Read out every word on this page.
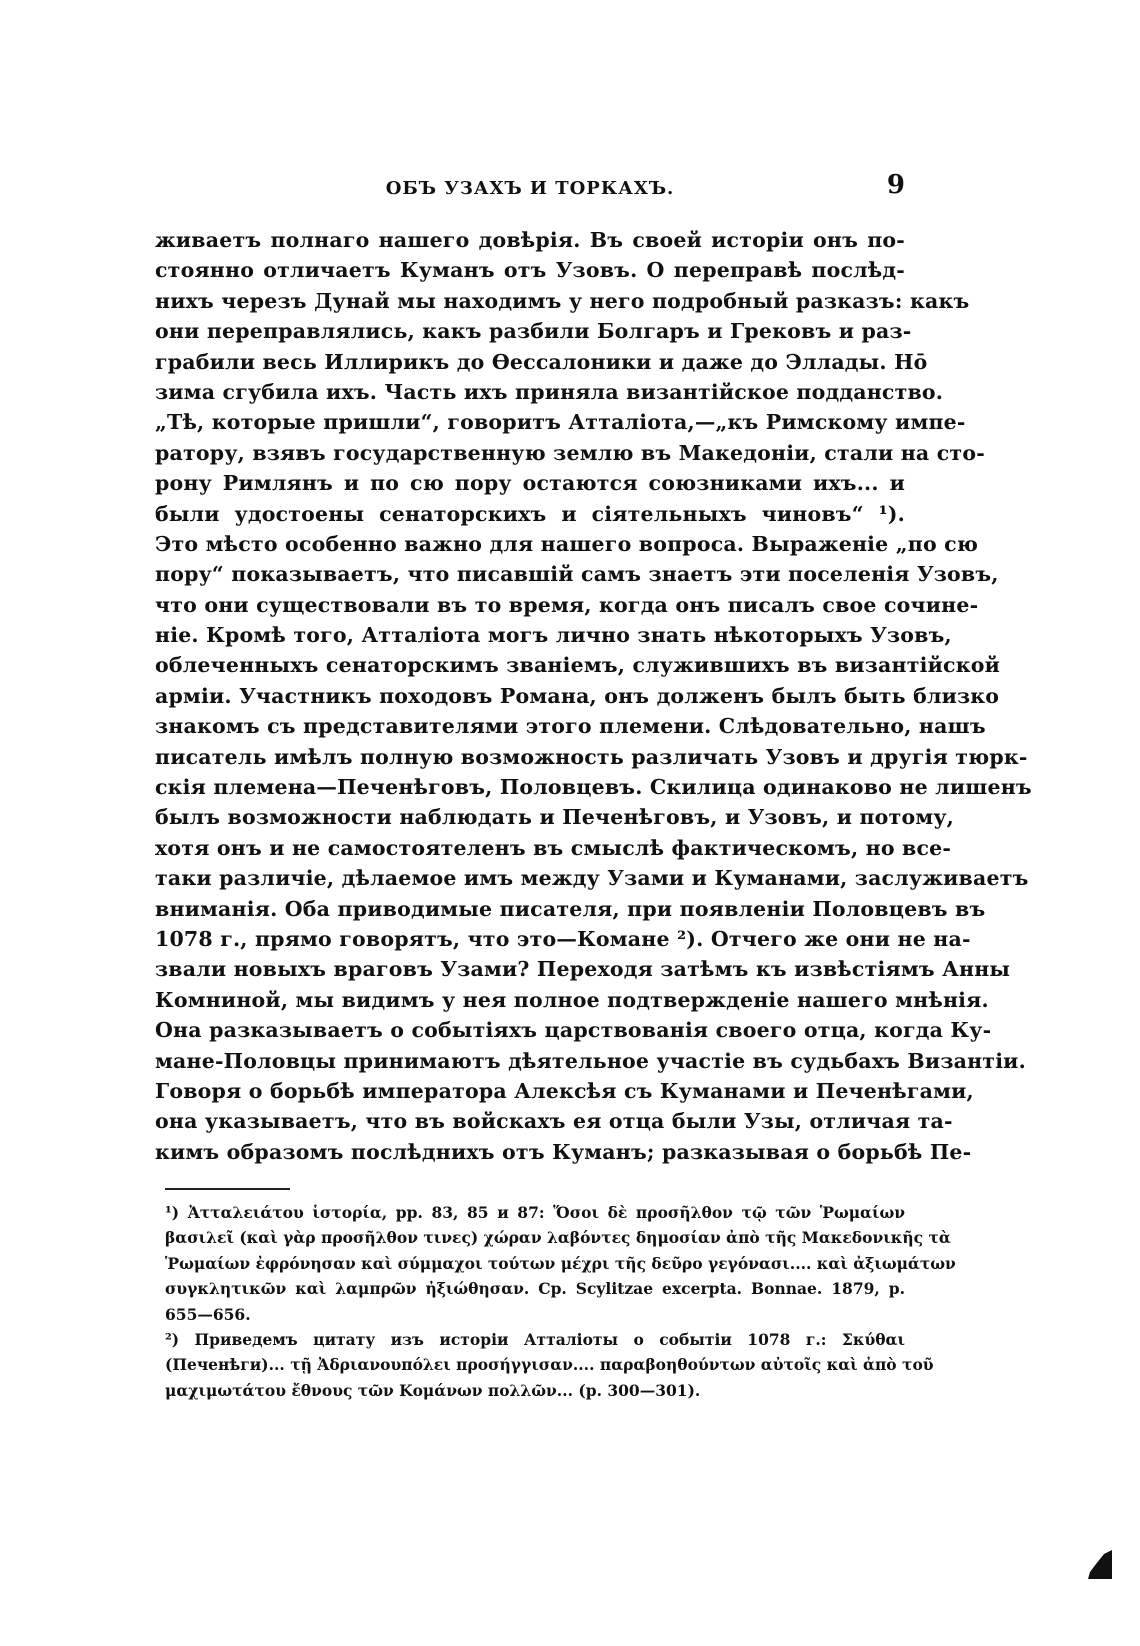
ОБЪ УЗАХЪ И ТОРКАХЪ.	9
живаетъ полнаго нашего довѣрія. Въ своей исторіи онъ по-
стоянно отличаетъ Куманъ отъ Узовъ. О переправѣ послѣд-
нихъ черезъ Дунай мы находимъ у него подробный разказъ: какъ
они переправлялись, какъ разбили Болгаръ и Грековъ и раз-
грабили весь Иллирикъ до Ѳессалоники и даже до Эллады. Нō
зима сгубила ихъ. Часть ихъ приняла византійское подданство.
„Тѣ, которые пришли“, говоритъ Атталіота,—„къ Римскому импе-
ратору, взявъ государственную землю въ Македоніи, стали на сто-
рону Римлянъ и по сю пору остаются союзниками ихъ... и
были удостоены сенаторскихъ и сіятельныхъ чиновъ“ ¹).
Это мѣсто особенно важно для нашего вопроса. Выраженіе „по сю
пору“ показываетъ, что писавшій самъ знаетъ эти поселенія Узовъ,
что они существовали въ то время, когда онъ писалъ свое сочине-
ніе. Кромѣ того, Атталіота могъ лично знать нѣкоторыхъ Узовъ,
облеченныхъ сенаторскимъ званіемъ, служившихъ въ византійской
арміи. Участникъ походовъ Романа, онъ долженъ былъ быть близко
знакомъ съ представителями этого племени. Слѣдовательно, нашъ
писатель имѣлъ полную возможность различать Узовъ и другія тюрк-
скія племена—Печенѣговъ, Половцевъ. Скилица одинаково не лишенъ
былъ возможности наблюдать и Печенѣговъ, и Узовъ, и потому,
хотя онъ и не самостоятеленъ въ смыслѣ фактическомъ, но все-
таки различіе, дѣлаемое имъ между Узами и Куманами, заслуживаетъ
вниманія. Оба приводимые писателя, при появленіи Половцевъ въ
1078 г., прямо говорятъ, что это—Комане ²). Отчего же они не на-
звали новыхъ враговъ Узами? Переходя затѣмъ къ извѣстіямъ Анны
Комниной, мы видимъ у нея полное подтвержденіе нашего мнѣнія.
Она разказываетъ о событіяхъ царствованія своего отца, когда Ку-
мане-Половцы принимаютъ дѣятельное участіе въ судьбахъ Византіи.
Говоря о борьбѣ императора Алексѣя съ Куманами и Печенѣгами,
она указываетъ, что въ войскахъ ея отца были Узы, отличая та-
кимъ образомъ послѣднихъ отъ Куманъ; разказывая о борьбѣ Пе-
¹) Ἀτταλειάτου ἱστορία, pp. 83, 85 и 87: Ὅσοι δὲ προσῆλθον τῷ τῶν Ῥωμαίων
βασιλεῖ (καὶ γὰρ προσῆλθον τινες) χώραν λαβόντες δημοσίαν ἀπὸ τῆς Μακεδονικῆς τὰ
Ῥωμαίων ἐφρόνησαν καὶ σύμμαχοι τούτων μέχρι τῆς δεῦρο γεγόνασι.... καὶ ἀξιωμάτων
συγκλητικῶν καὶ λαμπρῶν ἠξιώθησαν. Ср. Scylitzae excerpta. Bonnae. 1879, p.
655—656.
²) Приведемъ цитату изъ исторіи Атталіоты о событіи 1078 г.: Σκύθαι
(Печенѣги)... τῇ Ἀδριανουπόλει προσήγγισαν.... παραβοηθούντων αὐτοῖς καὶ ἀπὸ τοῦ
μαχιμωτάτου ἔθνους τῶν Κομάνων πολλῶν... (р. 300—301).
